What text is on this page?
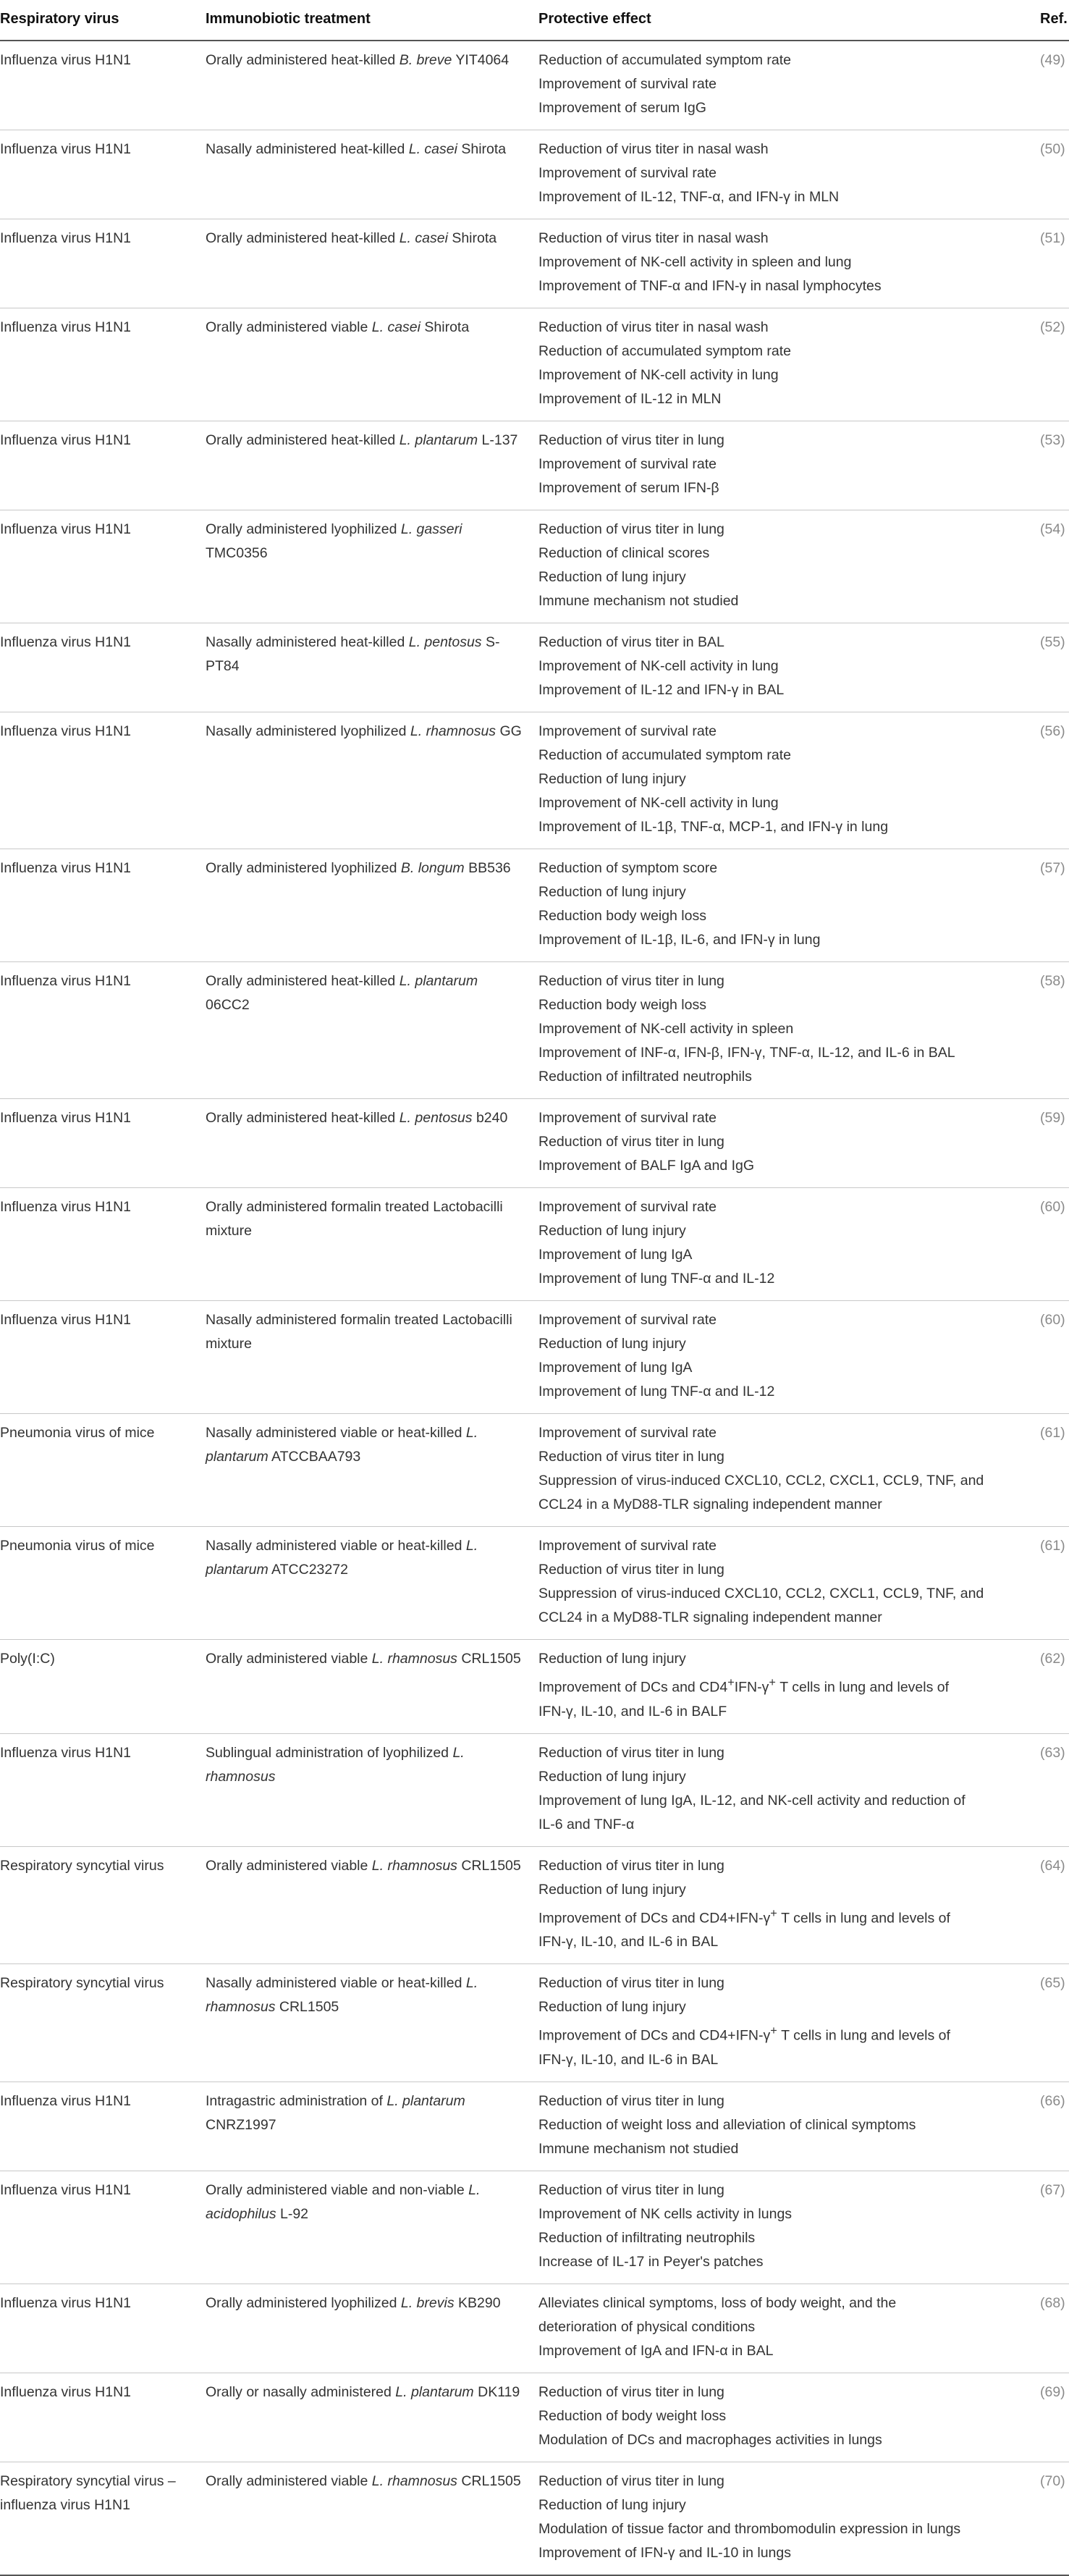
Respiratory virus	Immunobiotic treatment	Protective effect	Ref.
Influenza virus H1N1	Orally administered heat-killed B. breve YIT4064	Reduction of accumulated symptom rate
Improvement of survival rate
Improvement of serum IgG	(49)
Influenza virus H1N1	Nasally administered heat-killed L. casei Shirota	Reduction of virus titer in nasal wash
Improvement of survival rate
Improvement of IL-12, TNF-α, and IFN-γ in MLN	(50)
Influenza virus H1N1	Orally administered heat-killed L. casei Shirota	Reduction of virus titer in nasal wash
Improvement of NK-cell activity in spleen and lung
Improvement of TNF-α and IFN-γ in nasal lymphocytes	(51)
Influenza virus H1N1	Orally administered viable L. casei Shirota	Reduction of virus titer in nasal wash
Reduction of accumulated symptom rate
Improvement of NK-cell activity in lung
Improvement of IL-12 in MLN	(52)
Influenza virus H1N1	Orally administered heat-killed L. plantarum L-137	Reduction of virus titer in lung
Improvement of survival rate
Improvement of serum IFN-β	(53)
Influenza virus H1N1	Orally administered lyophilized L. gasseri TMC0356	Reduction of virus titer in lung
Reduction of clinical scores
Reduction of lung injury
Immune mechanism not studied	(54)
Influenza virus H1N1	Nasally administered heat-killed L. pentosus S-PT84	Reduction of virus titer in BAL
Improvement of NK-cell activity in lung
Improvement of IL-12 and IFN-γ in BAL	(55)
Influenza virus H1N1	Nasally administered lyophilized L. rhamnosus GG	Improvement of survival rate
Reduction of accumulated symptom rate
Reduction of lung injury
Improvement of NK-cell activity in lung
Improvement of IL-1β, TNF-α, MCP-1, and IFN-γ in lung	(56)
Influenza virus H1N1	Orally administered lyophilized B. longum BB536	Reduction of symptom score
Reduction of lung injury
Reduction body weigh loss
Improvement of IL-1β, IL-6, and IFN-γ in lung	(57)
Influenza virus H1N1	Orally administered heat-killed L. plantarum 06CC2	Reduction of virus titer in lung
Reduction body weigh loss
Improvement of NK-cell activity in spleen
Improvement of INF-α, IFN-β, IFN-γ, TNF-α, IL-12, and IL-6 in BAL
Reduction of infiltrated neutrophils	(58)
Influenza virus H1N1	Orally administered heat-killed L. pentosus b240	Improvement of survival rate
Reduction of virus titer in lung
Improvement of BALF IgA and IgG	(59)
Influenza virus H1N1	Orally administered formalin treated Lactobacilli mixture	Improvement of survival rate
Reduction of lung injury
Improvement of lung IgA
Improvement of lung TNF-α and IL-12	(60)
Influenza virus H1N1	Nasally administered formalin treated Lactobacilli mixture	Improvement of survival rate
Reduction of lung injury
Improvement of lung IgA
Improvement of lung TNF-α and IL-12	(60)
Pneumonia virus of mice	Nasally administered viable or heat-killed L. plantarum ATCCBAA793	Improvement of survival rate
Reduction of virus titer in lung
Suppression of virus-induced CXCL10, CCL2, CXCL1, CCL9, TNF, and
CCL24 in a MyD88-TLR signaling independent manner	(61)
Pneumonia virus of mice	Nasally administered viable or heat-killed L. plantarum ATCC23272	Improvement of survival rate
Reduction of virus titer in lung
Suppression of virus-induced CXCL10, CCL2, CXCL1, CCL9, TNF, and
CCL24 in a MyD88-TLR signaling independent manner	(61)
Poly(I:C)	Orally administered viable L. rhamnosus CRL1505	Reduction of lung injury
Improvement of DCs and CD4+IFN-γ+ T cells in lung and levels of
IFN-γ, IL-10, and IL-6 in BALF	(62)
Influenza virus H1N1	Sublingual administration of lyophilized L. rhamnosus	Reduction of virus titer in lung
Reduction of lung injury
Improvement of lung IgA, IL-12, and NK-cell activity and reduction of
IL-6 and TNF-α	(63)
Respiratory syncytial virus	Orally administered viable L. rhamnosus CRL1505	Reduction of virus titer in lung
Reduction of lung injury
Improvement of DCs and CD4+IFN-γ+ T cells in lung and levels of
IFN-γ, IL-10, and IL-6 in BAL	(64)
Respiratory syncytial virus	Nasally administered viable or heat-killed L. rhamnosus CRL1505	Reduction of virus titer in lung
Reduction of lung injury
Improvement of DCs and CD4+IFN-γ+ T cells in lung and levels of
IFN-γ, IL-10, and IL-6 in BAL	(65)
Influenza virus H1N1	Intragastric administration of L. plantarum CNRZ1997	Reduction of virus titer in lung
Reduction of weight loss and alleviation of clinical symptoms
Immune mechanism not studied	(66)
Influenza virus H1N1	Orally administered viable and non-viable L. acidophilus L-92	Reduction of virus titer in lung
Improvement of NK cells activity in lungs
Reduction of infiltrating neutrophils
Increase of IL-17 in Peyer's patches	(67)
Influenza virus H1N1	Orally administered lyophilized L. brevis KB290	Alleviates clinical symptoms, loss of body weight, and the
deterioration of physical conditions
Improvement of IgA and IFN-α in BAL	(68)
Influenza virus H1N1	Orally or nasally administered L. plantarum DK119	Reduction of virus titer in lung
Reduction of body weight loss
Modulation of DCs and macrophages activities in lungs	(69)
Respiratory syncytial virus – influenza virus H1N1	Orally administered viable L. rhamnosus CRL1505	Reduction of virus titer in lung
Reduction of lung injury
Modulation of tissue factor and thrombomodulin expression in lungs
Improvement of IFN-γ and IL-10 in lungs	(70)
